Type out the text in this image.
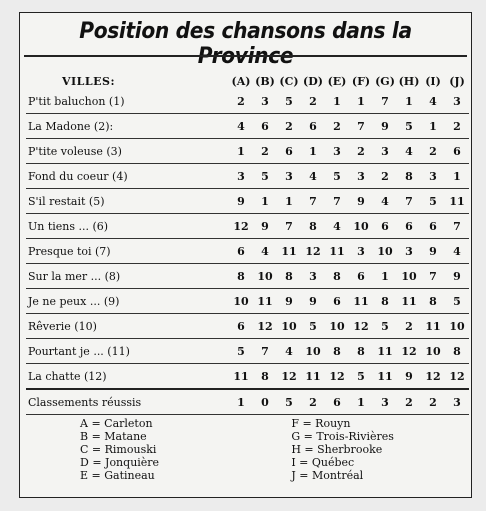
Position des chansons dans la Province
VILLES:	(A)	(B)	(C)	(D)	(E)	(F)	(G)	(H)	(I)	(J)
P'tit baluchon (1)	2	3	5	2	1	1	7	1	4	3
La Madone (2):	4	6	2	6	2	7	9	5	1	2
P'tite voleuse (3)	1	2	6	1	3	2	3	4	2	6
Fond du coeur (4)	3	5	3	4	5	3	2	8	3	1
S'il restait (5)	9	1	1	7	7	9	4	7	5	11
Un tiens ... (6)	12	9	7	8	4	10	6	6	6	7
Presque toi (7)	6	4	11	12	11	3	10	3	9	4
Sur la mer ... (8)	8	10	8	3	8	6	1	10	7	9
Je ne peux ... (9)	10	11	9	9	6	11	8	11	8	5
Rêverie (10)	6	12	10	5	10	12	5	2	11	10
Pourtant je ... (11)	5	7	4	10	8	8	11	12	10	8
La chatte (12)	11	8	12	11	12	5	11	9	12	12
Classements réussis	1	0	5	2	6	1	3	2	2	3
A = Carleton	F = Rouyn
B = Matane	G = Trois-Rivières
C = Rimouski	H = Sherbrooke
D = Jonquière	I = Québec
E = Gatineau	J = Montréal
